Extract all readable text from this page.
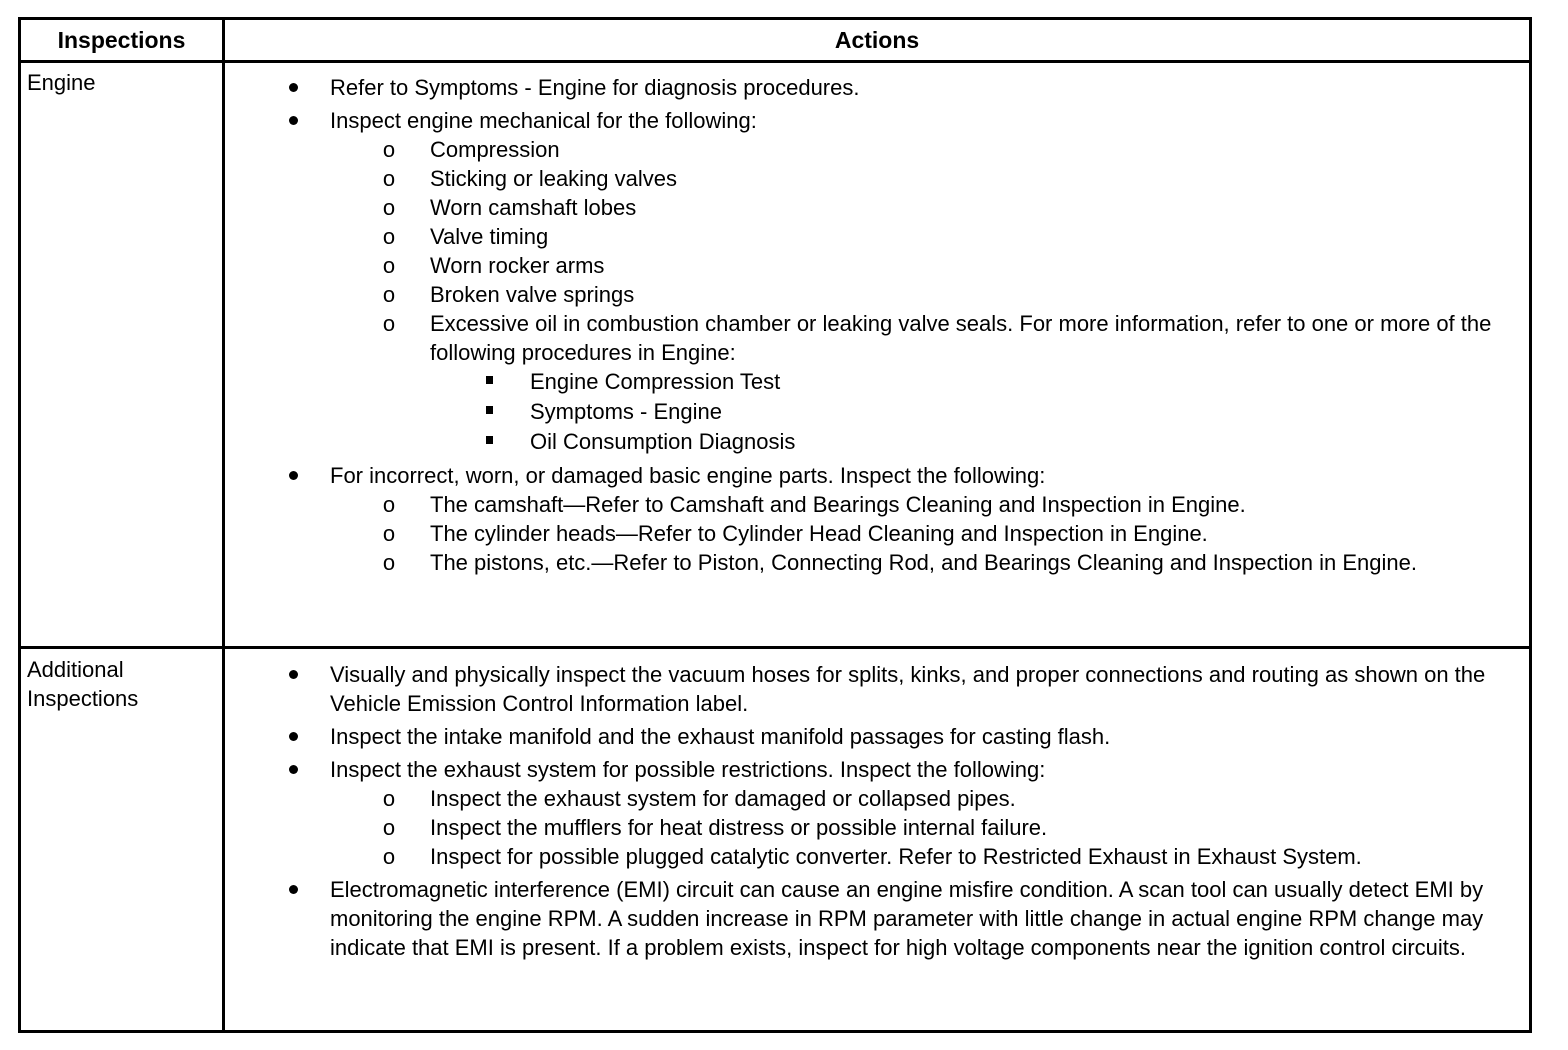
Inspections	Actions
Engine	Refer to Symptoms - Engine for diagnosis procedures.
Inspect engine mechanical for the following:
o Compression
o Sticking or leaking valves
o Worn camshaft lobes
o Valve timing
o Worn rocker arms
o Broken valve springs
o Excessive oil in combustion chamber or leaking valve seals. For more information, refer to one or more of the following procedures in Engine:
Engine Compression Test
Symptoms - Engine
Oil Consumption Diagnosis
For incorrect, worn, or damaged basic engine parts. Inspect the following:
o The camshaft—Refer to Camshaft and Bearings Cleaning and Inspection in Engine.
o The cylinder heads—Refer to Cylinder Head Cleaning and Inspection in Engine.
o The pistons, etc.—Refer to Piston, Connecting Rod, and Bearings Cleaning and Inspection in Engine.
Additional Inspections
Visually and physically inspect the vacuum hoses for splits, kinks, and proper connections and routing as shown on the Vehicle Emission Control Information label.
Inspect the intake manifold and the exhaust manifold passages for casting flash.
Inspect the exhaust system for possible restrictions. Inspect the following:
o Inspect the exhaust system for damaged or collapsed pipes.
o Inspect the mufflers for heat distress or possible internal failure.
o Inspect for possible plugged catalytic converter. Refer to Restricted Exhaust in Exhaust System.
Electromagnetic interference (EMI) circuit can cause an engine misfire condition. A scan tool can usually detect EMI by monitoring the engine RPM. A sudden increase in RPM parameter with little change in actual engine RPM change may indicate that EMI is present. If a problem exists, inspect for high voltage components near the ignition control circuits.
